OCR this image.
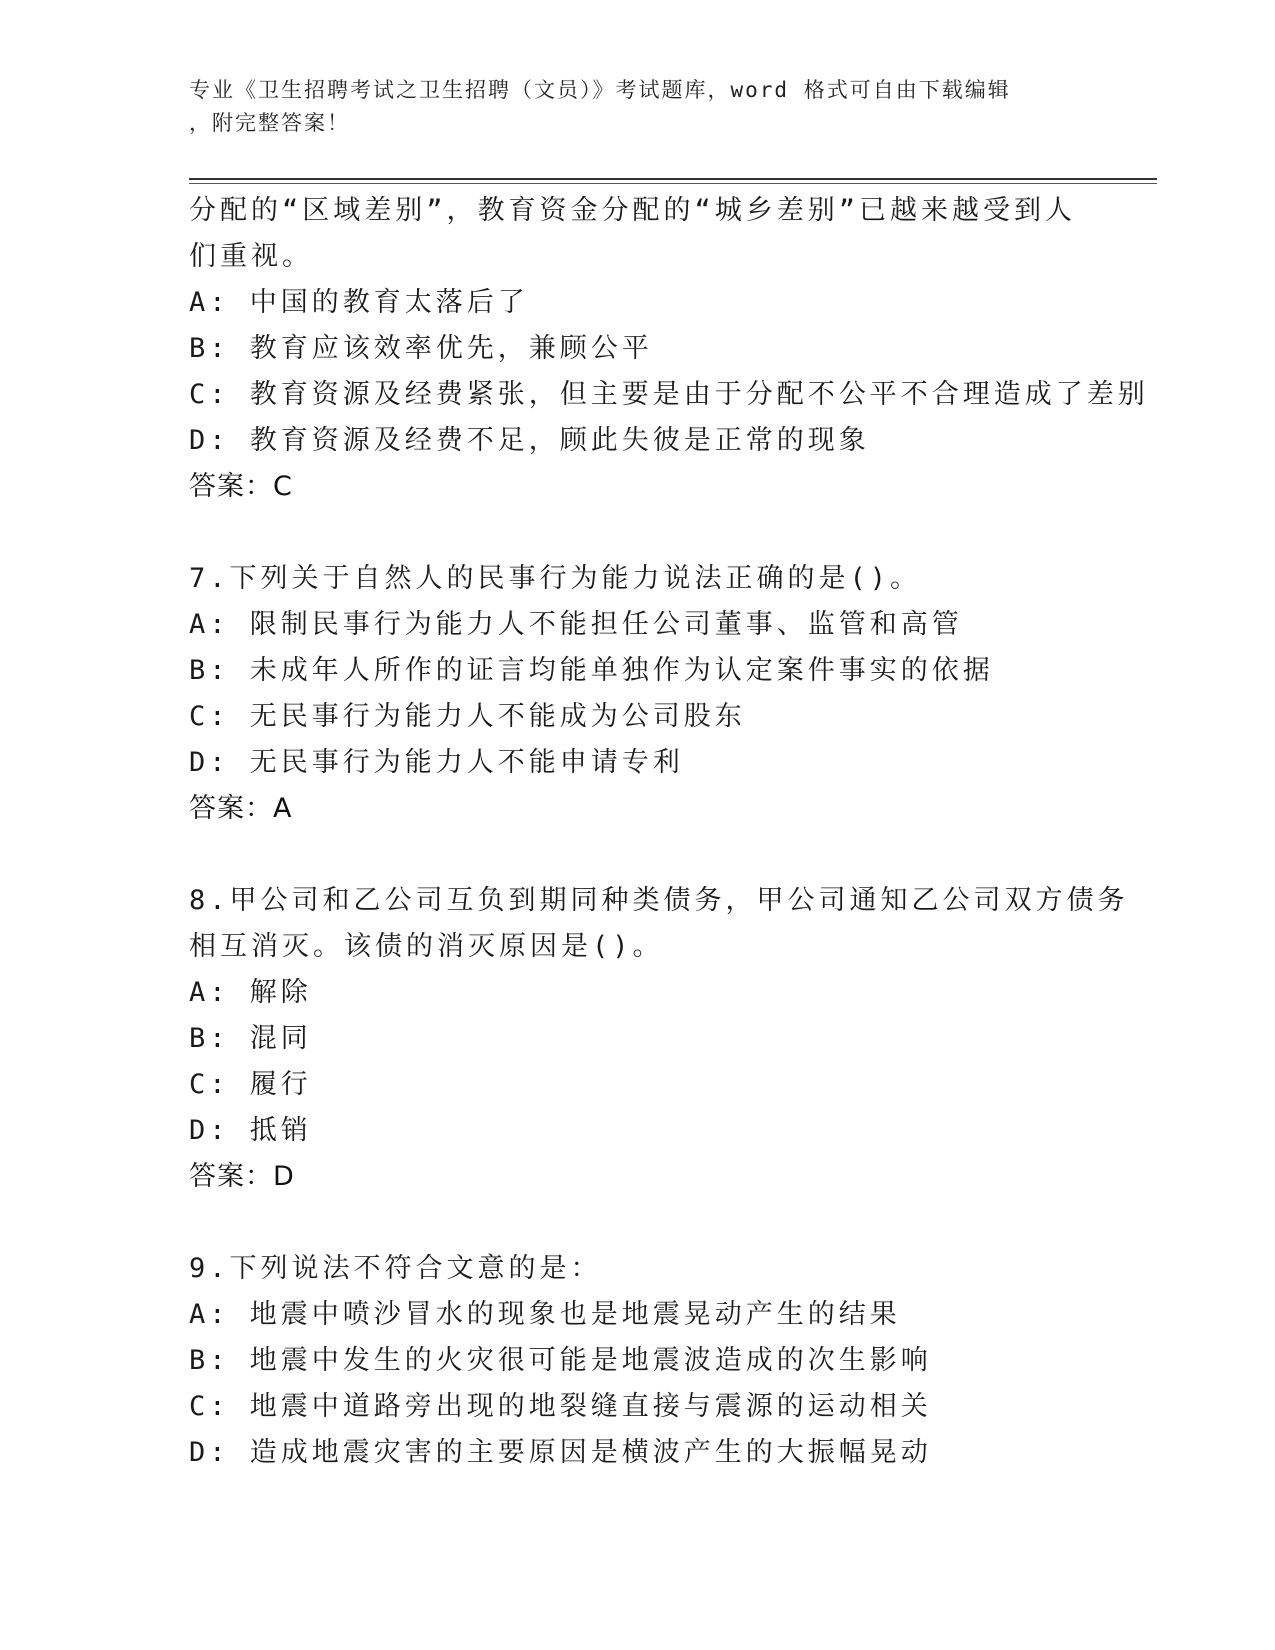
专业《卫生招聘考试之卫生招聘（文员）》考试题库，word 格式可自由下载编辑
，附完整答案！
分配的“区域差别”，教育资金分配的“城乡差别”已越来越受到人
们重视。
A: 中国的教育太落后了
B: 教育应该效率优先，兼顾公平
C: 教育资源及经费紧张，但主要是由于分配不公平不合理造成了差别
D: 教育资源及经费不足，顾此失彼是正常的现象
答案：C
7.下列关于自然人的民事行为能力说法正确的是()。
A: 限制民事行为能力人不能担任公司董事、监管和高管
B: 未成年人所作的证言均能单独作为认定案件事实的依据
C: 无民事行为能力人不能成为公司股东
D: 无民事行为能力人不能申请专利
答案：A
8.甲公司和乙公司互负到期同种类债务，甲公司通知乙公司双方债务
相互消灭。该债的消灭原因是()。
A: 解除
B: 混同
C: 履行
D: 抵销
答案：D
9.下列说法不符合文意的是：
A: 地震中喷沙冒水的现象也是地震晃动产生的结果
B: 地震中发生的火灾很可能是地震波造成的次生影响
C: 地震中道路旁出现的地裂缝直接与震源的运动相关
D: 造成地震灾害的主要原因是横波产生的大振幅晃动
